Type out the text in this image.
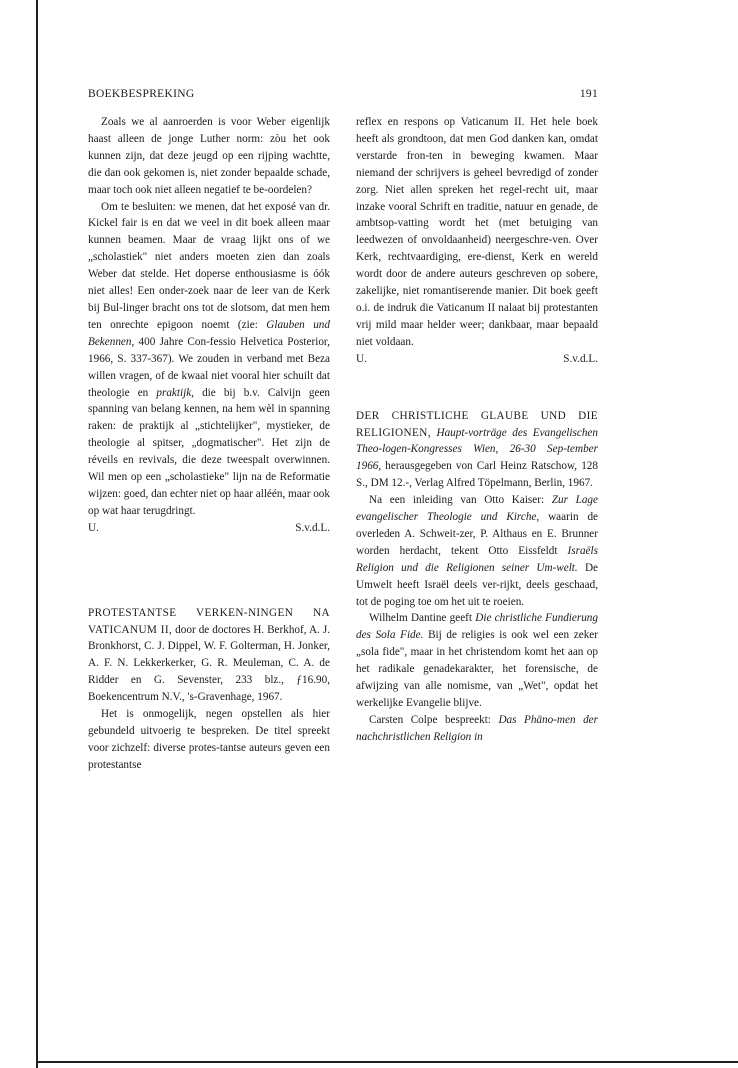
BOEKBESPREKING	191

Zoals we al aanroerden is voor Weber eigenlijk haast alleen de jonge Luther norm: zòu het ook kunnen zijn, dat deze jeugd op een rijping wachtte, die dan ook gekomen is, niet zonder bepaalde schade, maar toch ook niet alleen negatief te be-oordelen?

Om te besluiten: we menen, dat het exposé van dr. Kickel fair is en dat we veel in dit boek alleen maar kunnen beamen. Maar de vraag lijkt ons of we „scholastiek" niet anders moeten zien dan zoals Weber dat stelde. Het doperse enthousiasme is óók niet alles! Een onder-zoek naar de leer van de Kerk bij Bul-linger bracht ons tot de slotsom, dat men hem ten onrechte epigoon noemt (zie: Glauben und Bekennen, 400 Jahre Con-fessio Helvetica Posterior, 1966, S. 337-367). We zouden in verband met Beza willen vragen, of de kwaal niet vooral hier schuilt dat theologie en praktijk, die bij b.v. Calvijn geen spanning van belang kennen, na hem wèl in spanning raken: de praktijk al „stichtelijker", mystieker, de theologie al spitser, „dogmatischer". Het zijn de réveils en revivals, die deze tweespalt overwinnen. Wil men op een „scholastieke" lijn na de Reformatie wijzen: goed, dan echter niet op haar alléén, maar ook op wat haar terugdringt.

U.	S.v.d.L.

PROTESTANTSE VERKEN-NINGEN NA VATICANUM II, door de doctores H. Berkhof, A. J. Bronkhorst, C. J. Dippel, W. F. Golterman, H. Jonker, A. F. N. Lekkerkerker, G. R. Meuleman, C. A. de Ridder en G. Sevenster, 233 blz., ƒ16.90, Boekencentrum N.V., 's-Gravenhage, 1967.

Het is onmogelijk, negen opstellen als hier gebundeld uitvoerig te bespreken. De titel spreekt voor zichzelf: diverse protes-tantse auteurs geven een protestantse

reflex en respons op Vaticanum II. Het hele boek heeft als grondtoon, dat men God danken kan, omdat verstarde fron-ten in beweging kwamen. Maar niemand der schrijvers is geheel bevredigd of zonder zorg. Niet allen spreken het regel-recht uit, maar inzake vooral Schrift en traditie, natuur en genade, de ambtsop-vatting wordt het (met betuiging van leedwezen of onvoldaanheid) neergeschre-ven. Over Kerk, rechtvaardiging, ere-dienst, Kerk en wereld wordt door de andere auteurs geschreven op sobere, zakelijke, niet romantiserende manier. Dit boek geeft o.i. de indruk die Vaticanum II nalaat bij protestanten vrij mild maar helder weer; dankbaar, maar bepaald niet voldaan.

U.	S.v.d.L.

DER CHRISTLICHE GLAUBE UND DIE RELIGIONEN, Haupt-vorträge des Evangelischen Theo-logen-Kongresses Wien, 26-30 Sep-tember 1966, herausgegeben von Carl Heinz Ratschow, 128 S., DM 12.-, Verlag Alfred Töpelmann, Berlin, 1967.

Na een inleiding van Otto Kaiser: Zur Lage evangelischer Theologie und Kirche, waarin de overleden A. Schweit-zer, P. Althaus en E. Brunner worden herdacht, tekent Otto Eissfeldt Israëls Religion und die Religionen seiner Um-welt. De Umwelt heeft Israël deels ver-rijkt, deels geschaad, tot de poging toe om het uit te roeien.

Wilhelm Dantine geeft Die christliche Fundierung des Sola Fide. Bij de religies is ook wel een zeker „sola fide", maar in het christendom komt het aan op het radikale genadekarakter, het forensische, de afwijzing van alle nomisme, van „Wet", opdat het werkelijke Evangelie blijve.

Carsten Colpe bespreekt: Das Phäno-men der nachchristlichen Religion in
